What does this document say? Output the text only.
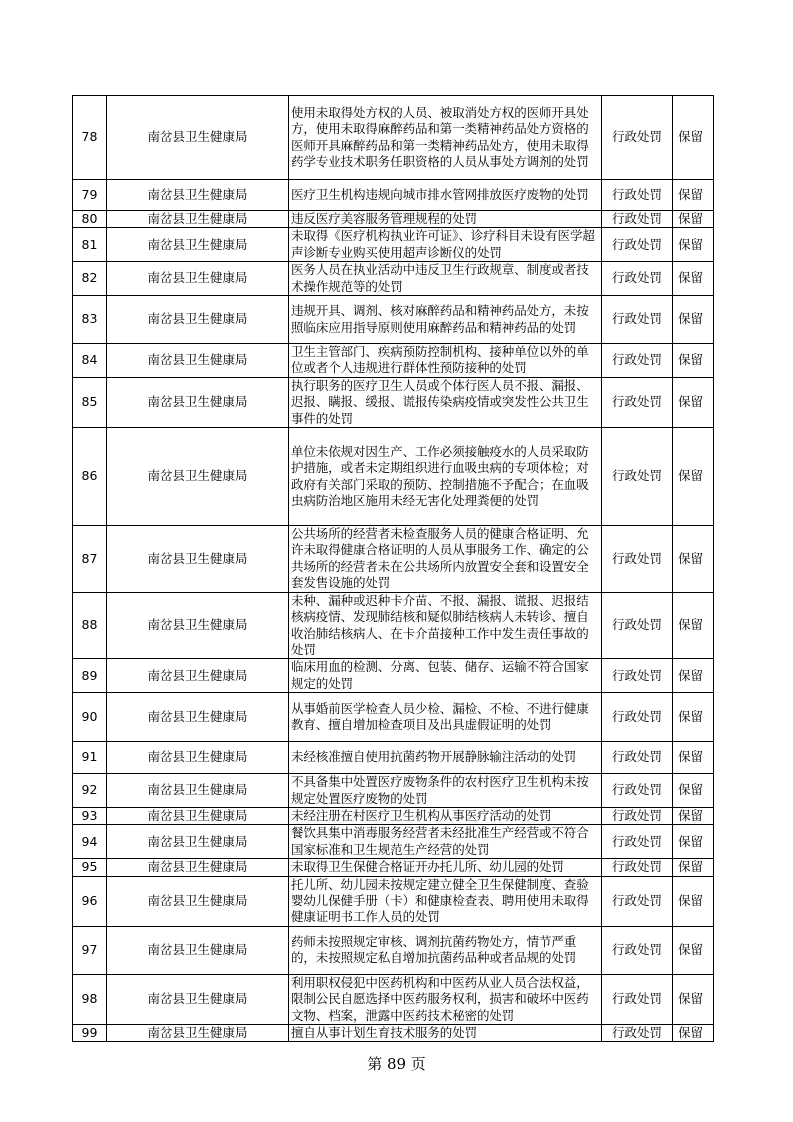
78	南岔县卫生健康局	使用未取得处方权的人员、被取消处方权的医师开具处方，使用未取得麻醉药品和第一类精神药品处方资格的医师开具麻醉药品和第一类精神药品处方，使用未取得药学专业技术职务任职资格的人员从事处方调剂的处罚	行政处罚	保留
79	南岔县卫生健康局	医疗卫生机构违规向城市排水管网排放医疗废物的处罚	行政处罚	保留
80	南岔县卫生健康局	违反医疗美容服务管理规程的处罚	行政处罚	保留
81	南岔县卫生健康局	未取得《医疗机构执业许可证》、诊疗科目未设有医学超声诊断专业购买使用超声诊断仪的处罚	行政处罚	保留
82	南岔县卫生健康局	医务人员在执业活动中违反卫生行政规章、制度或者技术操作规范等的处罚	行政处罚	保留
83	南岔县卫生健康局	违规开具、调剂、核对麻醉药品和精神药品处方，未按照临床应用指导原则使用麻醉药品和精神药品的处罚	行政处罚	保留
84	南岔县卫生健康局	卫生主管部门、疾病预防控制机构、接种单位以外的单位或者个人违规进行群体性预防接种的处罚	行政处罚	保留
85	南岔县卫生健康局	执行职务的医疗卫生人员或个体行医人员不报、漏报、迟报、瞒报、缓报、谎报传染病疫情或突发性公共卫生事件的处罚	行政处罚	保留
86	南岔县卫生健康局	单位未依规对因生产、工作必须接触疫水的人员采取防护措施，或者未定期组织进行血吸虫病的专项体检；对政府有关部门采取的预防、控制措施不予配合；在血吸虫病防治地区施用未经无害化处理粪便的处罚	行政处罚	保留
87	南岔县卫生健康局	公共场所的经营者未检查服务人员的健康合格证明、允许未取得健康合格证明的人员从事服务工作、确定的公共场所的经营者未在公共场所内放置安全套和设置安全套发售设施的处罚	行政处罚	保留
88	南岔县卫生健康局	未种、漏种或迟种卡介苗、不报、漏报、谎报、迟报结核病疫情、发现肺结核和疑似肺结核病人未转诊、擅自收治肺结核病人、在卡介苗接种工作中发生责任事故的处罚	行政处罚	保留
89	南岔县卫生健康局	临床用血的检测、分离、包装、储存、运输不符合国家规定的处罚	行政处罚	保留
90	南岔县卫生健康局	从事婚前医学检查人员少检、漏检、不检、不进行健康教育、擅自增加检查项目及出具虚假证明的处罚	行政处罚	保留
91	南岔县卫生健康局	未经核准擅自使用抗菌药物开展静脉输注活动的处罚	行政处罚	保留
92	南岔县卫生健康局	不具备集中处置医疗废物条件的农村医疗卫生机构未按规定处置医疗废物的处罚	行政处罚	保留
93	南岔县卫生健康局	未经注册在村医疗卫生机构从事医疗活动的处罚	行政处罚	保留
94	南岔县卫生健康局	餐饮具集中消毒服务经营者未经批准生产经营或不符合国家标准和卫生规范生产经营的处罚	行政处罚	保留
95	南岔县卫生健康局	未取得卫生保健合格证开办托儿所、幼儿园的处罚	行政处罚	保留
96	南岔县卫生健康局	托儿所、幼儿园未按规定建立健全卫生保健制度、查验婴幼儿保健手册（卡）和健康检查表、聘用使用未取得健康证明书工作人员的处罚	行政处罚	保留
97	南岔县卫生健康局	药师未按照规定审核、调剂抗菌药物处方，情节严重的，未按照规定私自增加抗菌药品种或者品规的处罚	行政处罚	保留
98	南岔县卫生健康局	利用职权侵犯中医药机构和中医药从业人员合法权益，限制公民自愿选择中医药服务权利，损害和破坏中医药文物、档案，泄露中医药技术秘密的处罚	行政处罚	保留
99	南岔县卫生健康局	擅自从事计划生育技术服务的处罚	行政处罚	保留
第 89 页
